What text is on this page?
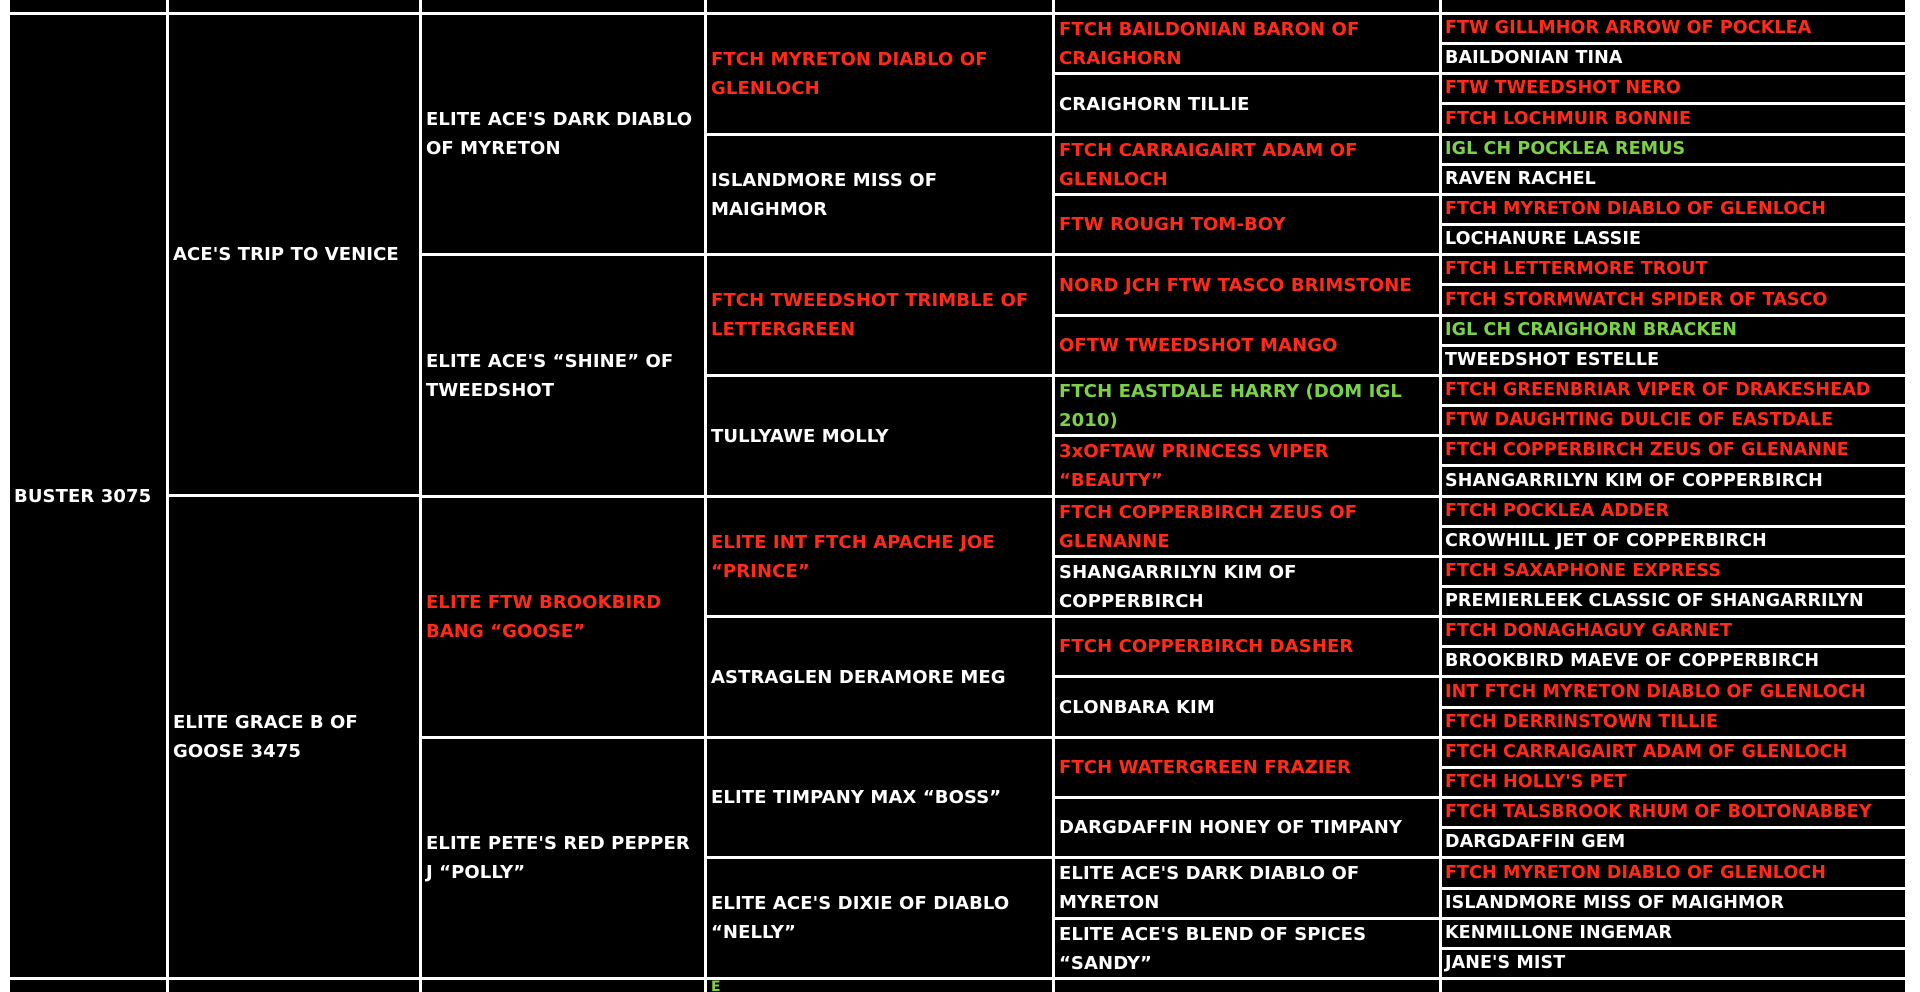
BUSTER 3075
ACE'S TRIP TO VENICE
ELITE GRACE B OF GOOSE 3475
ELITE ACE'S DARK DIABLO OF MYRETON
ELITE ACE'S “SHINE” OF TWEEDSHOT
ELITE FTW BROOKBIRD BANG “GOOSE”
ELITE PETE'S RED PEPPER J “POLLY”
FTCH MYRETON DIABLO OF GLENLOCH
ISLANDMORE MISS OF MAIGHMOR
FTCH TWEEDSHOT TRIMBLE OF LETTERGREEN
TULLYAWE MOLLY
ELITE INT FTCH APACHE JOE “PRINCE”
ASTRAGLEN DERAMORE MEG
ELITE TIMPANY MAX “BOSS”
ELITE ACE'S DIXIE OF DIABLO “NELLY”
FTCH BAILDONIAN BARON OF CRAIGHORN
CRAIGHORN TILLIE
FTCH CARRAIGAIRT ADAM OF GLENLOCH
FTW ROUGH TOM-BOY
NORD JCH FTW TASCO BRIMSTONE
OFTW TWEEDSHOT MANGO
FTCH EASTDALE HARRY (DOM IGL 2010)
3xOFTAW PRINCESS VIPER “BEAUTY”
FTCH COPPERBIRCH ZEUS OF GLENANNE
SHANGARRILYN KIM OF COPPERBIRCH
FTCH COPPERBIRCH DASHER
CLONBARA KIM
FTCH WATERGREEN FRAZIER
DARGDAFFIN HONEY OF TIMPANY
ELITE ACE'S DARK DIABLO OF MYRETON
ELITE ACE'S BLEND OF SPICES “SANDY”
FTW GILLMHOR ARROW OF POCKLEA
BAILDONIAN TINA
FTW TWEEDSHOT NERO
FTCH LOCHMUIR BONNIE
IGL CH POCKLEA REMUS
RAVEN RACHEL
FTCH MYRETON DIABLO OF GLENLOCH
LOCHANURE LASSIE
FTCH LETTERMORE TROUT
FTCH STORMWATCH SPIDER OF TASCO
IGL CH CRAIGHORN BRACKEN
TWEEDSHOT ESTELLE
FTCH GREENBRIAR VIPER OF DRAKESHEAD
FTW DAUGHTING DULCIE OF EASTDALE
FTCH COPPERBIRCH ZEUS OF GLENANNE
SHANGARRILYN KIM OF COPPERBIRCH
FTCH POCKLEA ADDER
CROWHILL JET OF COPPERBIRCH
FTCH SAXAPHONE EXPRESS
PREMIERLEEK CLASSIC OF SHANGARRILYN
FTCH DONAGHAGUY GARNET
BROOKBIRD MAEVE OF COPPERBIRCH
INT FTCH MYRETON DIABLO OF GLENLOCH
FTCH DERRINSTOWN TILLIE
FTCH CARRAIGAIRT ADAM OF GLENLOCH
FTCH HOLLY'S PET
FTCH TALSBROOK RHUM OF BOLTONABBEY
DARGDAFFIN GEM
FTCH MYRETON DIABLO OF GLENLOCH
ISLANDMORE MISS OF MAIGHMOR
KENMILLONE INGEMAR
JANE'S MIST
E
